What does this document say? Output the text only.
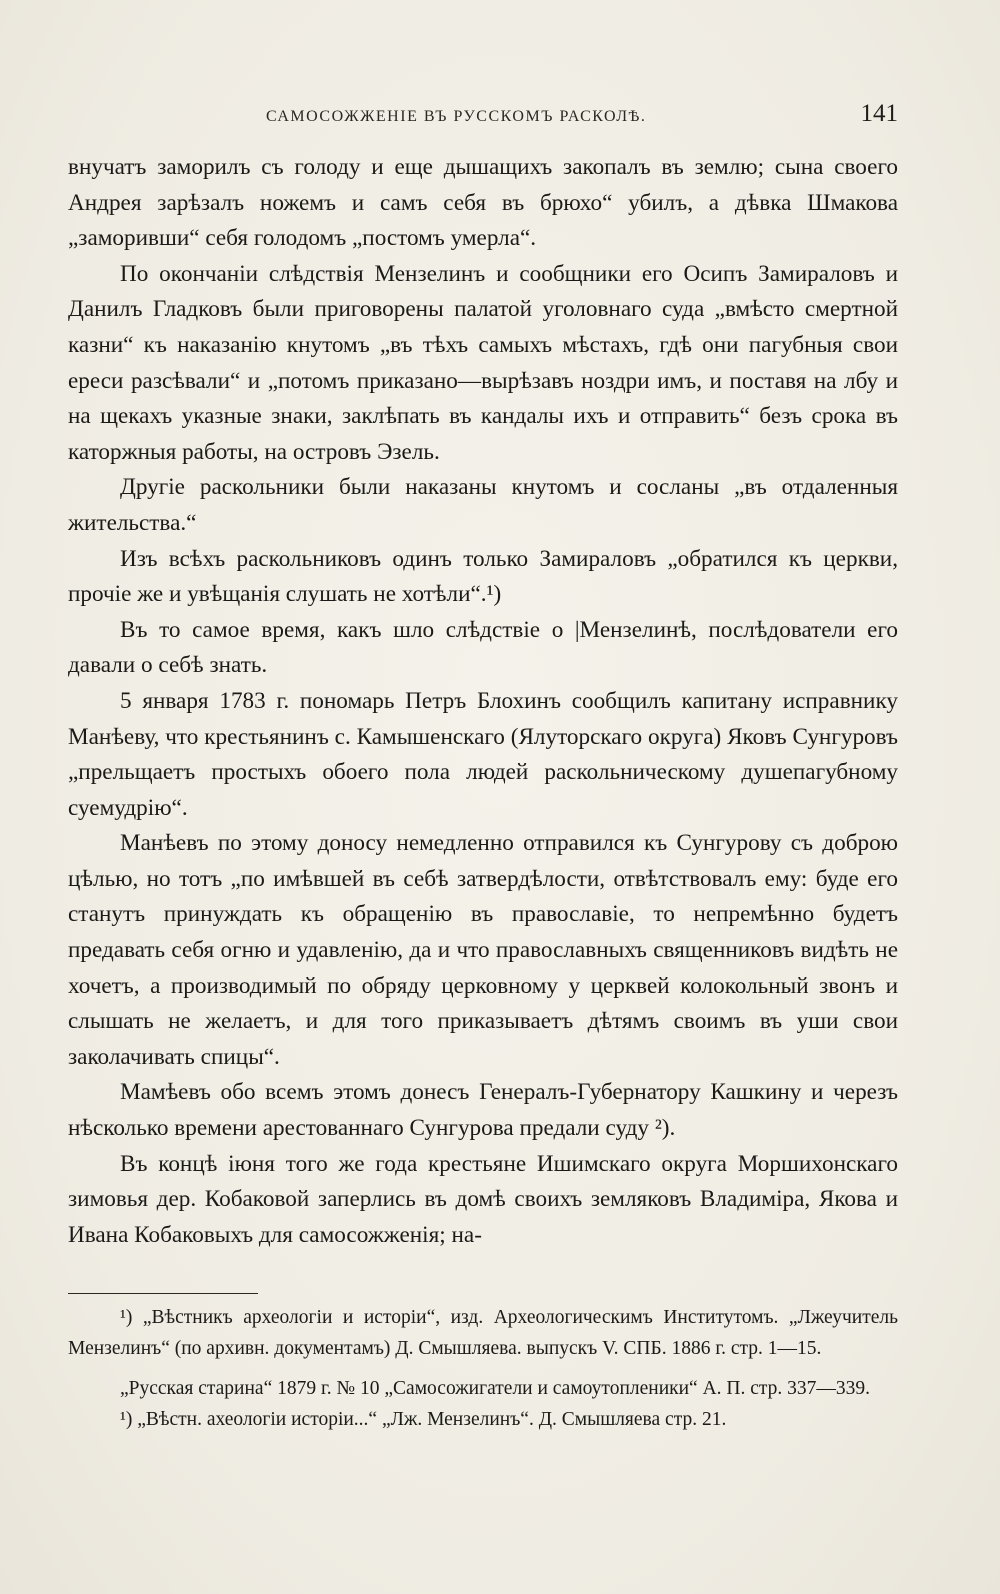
САМОСОЖЖЕНІЕ ВЪ РУССКОМЪ РАСКОЛѢ.	141

внучатъ заморилъ съ голоду и еще дышащихъ закопалъ въ землю; сына своего Андрея зарѣзалъ ножемъ и самъ себя въ брюхо“ убилъ, а дѣвка Шмакова „заморивши“ себя голодомъ „постомъ умерла“.

По окончаніи слѣдствія Мензелинъ и сообщники его Осипъ Замираловъ и Данилъ Гладковъ были приговорены палатой уголовнаго суда „вмѣсто смертной казни“ къ наказанію кнутомъ „въ тѣхъ самыхъ мѣстахъ, гдѣ они пагубныя свои ереси разсѣвали“ и „потомъ приказано—вырѣзавъ ноздри имъ, и поставя на лбу и на щекахъ указные знаки, заклѣпать въ кандалы ихъ и отправить“ безъ срока въ каторжныя работы, на островъ Эзель.

Другіе раскольники были наказаны кнутомъ и сосланы „въ отдаленныя жительства.“

Изъ всѣхъ раскольниковъ одинъ только Замираловъ „обратился къ церкви, прочіе же и увѣщанія слушать не хотѣли“.¹)

Въ то самое время, какъ шло слѣдствіе о |Мензелинѣ, послѣдователи его давали о себѣ знать.

5 января 1783 г. пономарь Петръ Блохинъ сообщилъ капитану исправнику Манѣеву, что крестьянинъ с. Камышенскаго (Ялуторскаго округа) Яковъ Сунгуровъ „прельщаетъ простыхъ обоего пола людей раскольническому душепагубному суемудрію“.

Манѣевъ по этому доносу немедленно отправился къ Сунгурову съ доброю цѣлью, но тотъ „по имѣвшей въ себѣ затвердѣлости, отвѣтствовалъ ему: буде его станутъ принуждать къ обращенію въ православіе, то непремѣнно будетъ предавать себя огню и удавленію, да и что православныхъ священниковъ видѣть не хочетъ, а производимый по обряду церковному у церквей колокольный звонъ и слышать не желаетъ, и для того приказываетъ дѣтямъ своимъ въ уши свои заколачивать спицы“.

Мамѣевъ обо всемъ этомъ донесъ Генералъ-Губернатору Кашкину и черезъ нѣсколько времени арестованнаго Сунгурова предали суду ²).

Въ концѣ іюня того же года крестьяне Ишимскаго округа Моршихонскаго зимовья дер. Кобаковой заперлись въ домѣ своихъ земляковъ Владиміра, Якова и Ивана Кобаковыхъ для самосожженія; на-

¹) „Вѣстникъ археологіи и исторіи“, изд. Археологическимъ Институтомъ. „Лжеучитель Мензелинъ“ (по архивн. документамъ) Д. Смышляева. выпускъ V. СПБ. 1886 г. стр. 1—15.

„Русская старина“ 1879 г. № 10 „Самосожигатели и самоутопленики“ А. П. стр. 337—339.

¹) „Вѣстн. ахеологіи исторіи...“ „Лж. Мензелинъ“. Д. Смышляева стр. 21.
